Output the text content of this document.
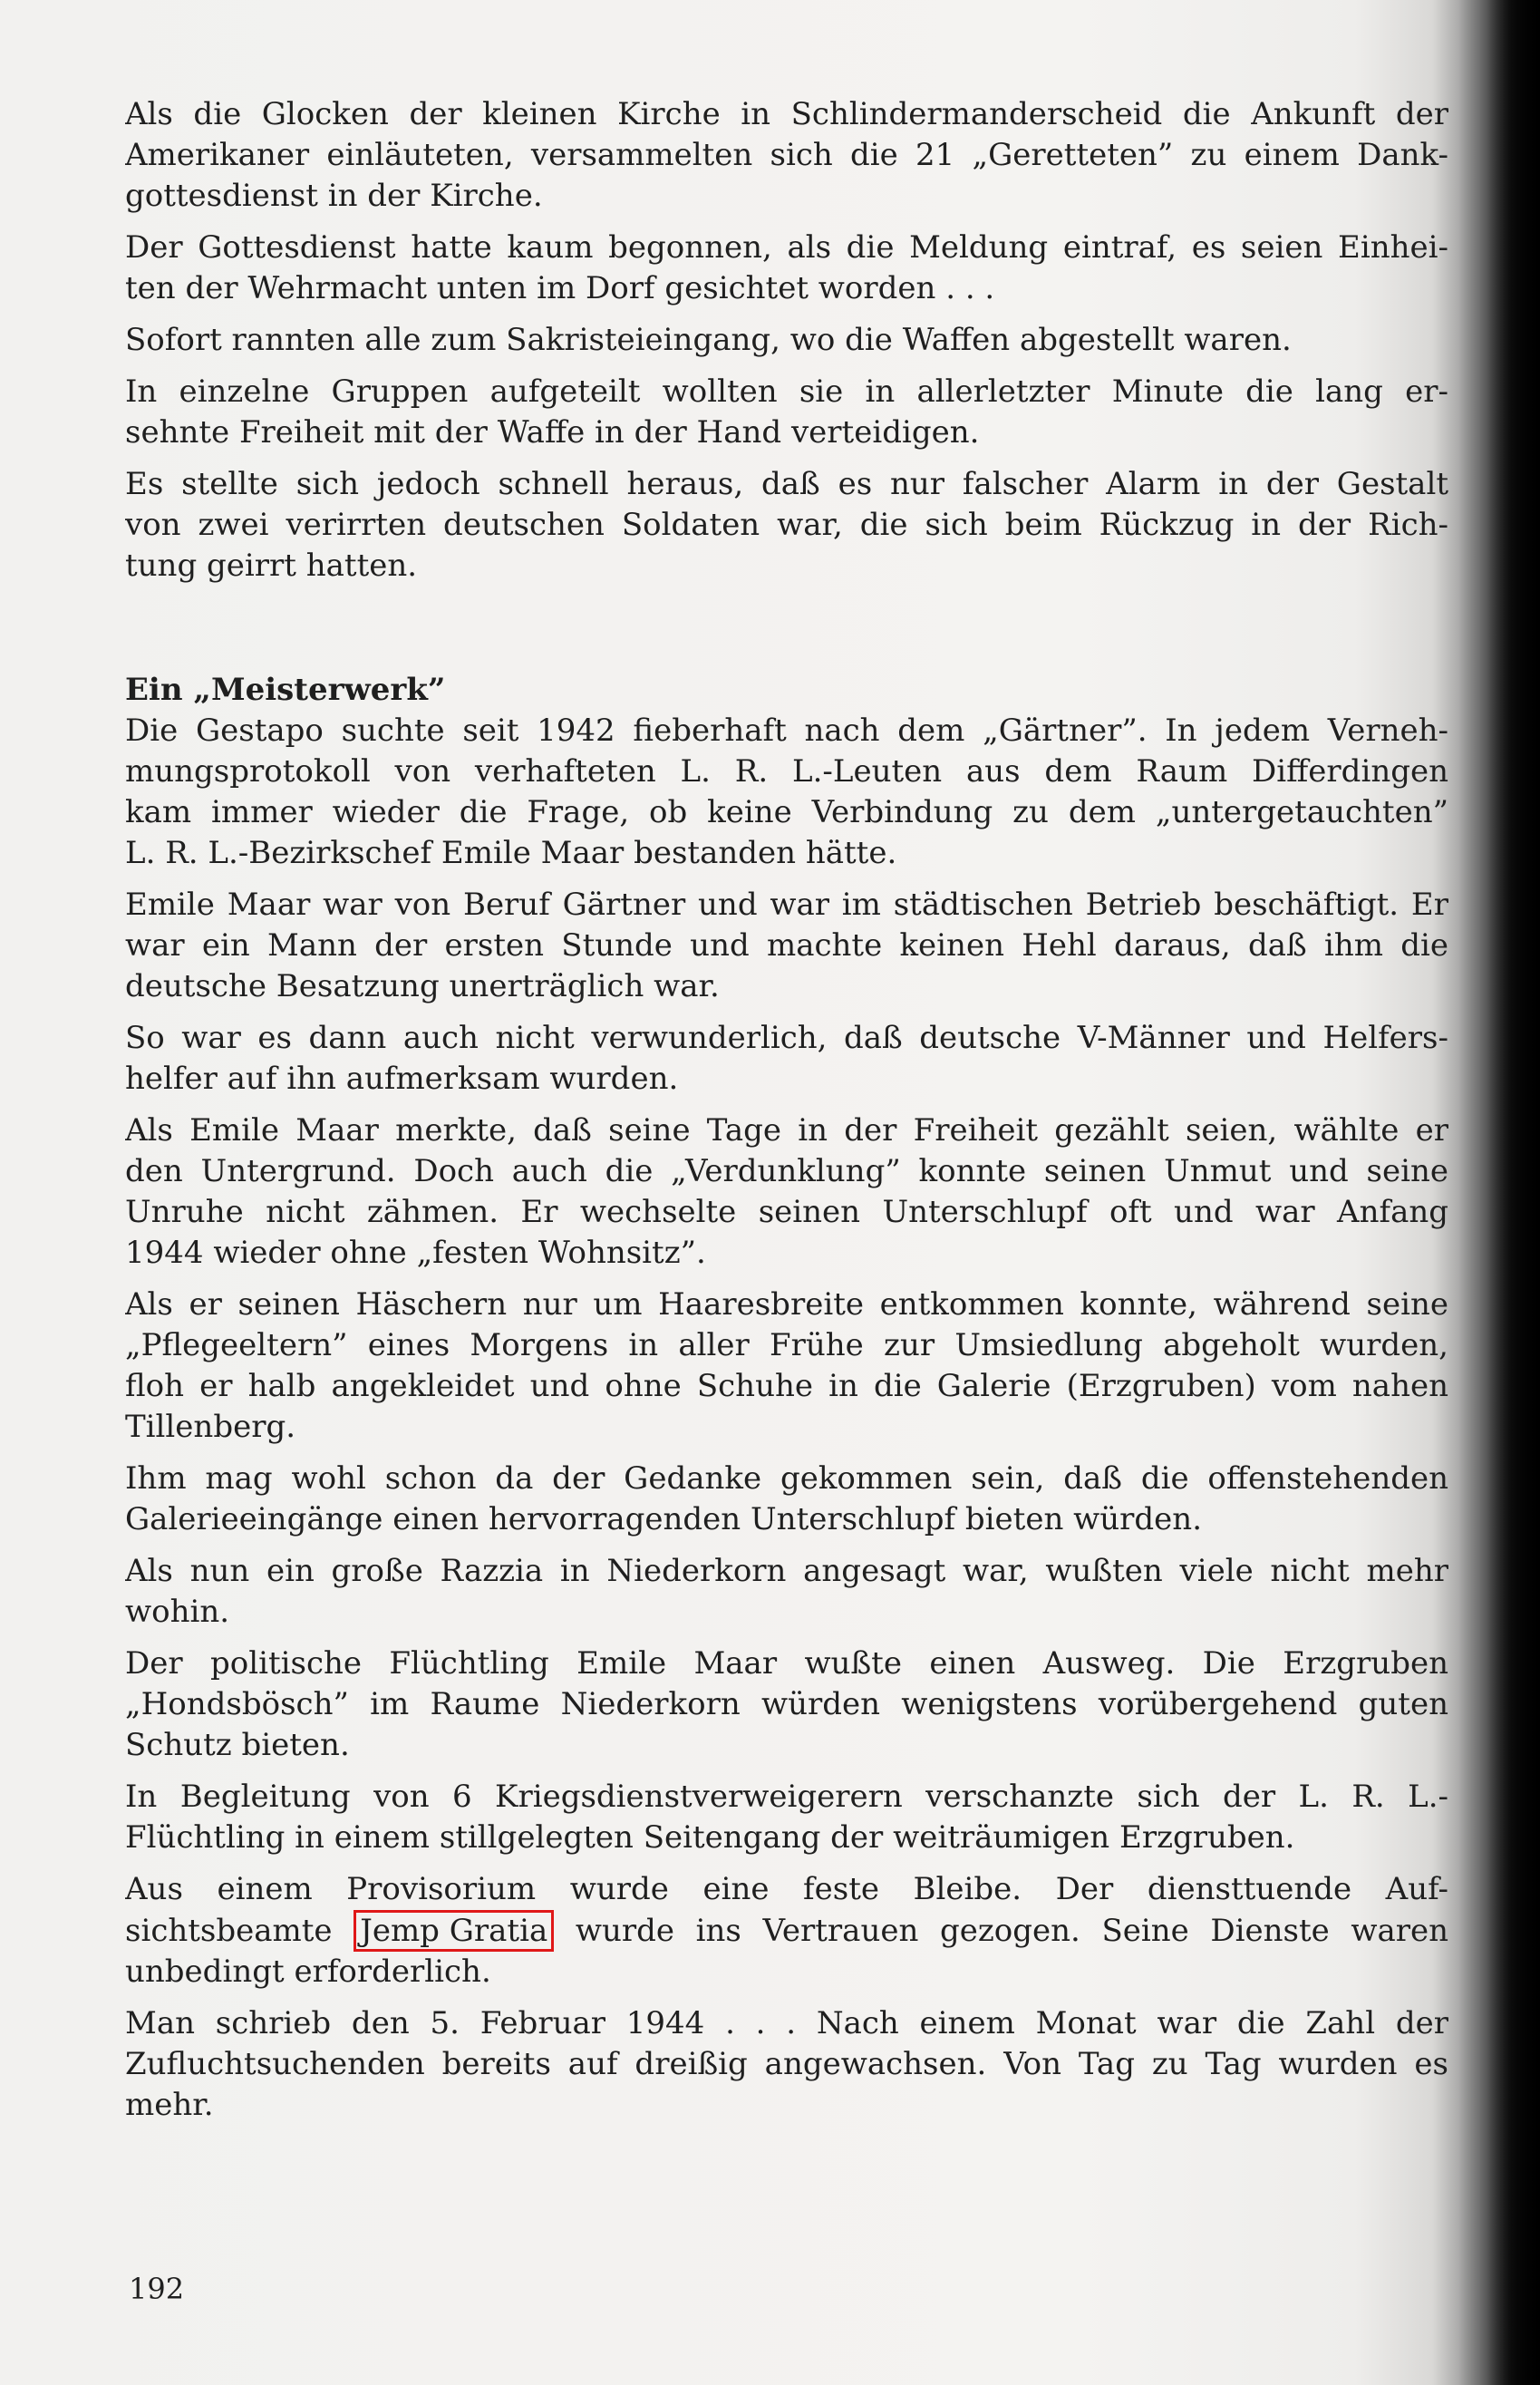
Als die Glocken der kleinen Kirche in Schlindermanderscheid die Ankunft der
Amerikaner einläuteten, versammelten sich die 21 „Geretteten” zu einem Dank-
gottesdienst in der Kirche.
Der Gottesdienst hatte kaum begonnen, als die Meldung eintraf, es seien Einhei-
ten der Wehrmacht unten im Dorf gesichtet worden . . .
Sofort rannten alle zum Sakristeieingang, wo die Waffen abgestellt waren.
In einzelne Gruppen aufgeteilt wollten sie in allerletzter Minute die lang er-
sehnte Freiheit mit der Waffe in der Hand verteidigen.
Es stellte sich jedoch schnell heraus, daß es nur falscher Alarm in der Gestalt
von zwei verirrten deutschen Soldaten war, die sich beim Rückzug in der Rich-
tung geirrt hatten.
Ein „Meisterwerk”
Die Gestapo suchte seit 1942 fieberhaft nach dem „Gärtner”. In jedem Verneh-
mungsprotokoll von verhafteten L. R. L.-Leuten aus dem Raum Differdingen
kam immer wieder die Frage, ob keine Verbindung zu dem „untergetauchten”
L. R. L.-Bezirkschef Emile Maar bestanden hätte.
Emile Maar war von Beruf Gärtner und war im städtischen Betrieb beschäftigt. Er
war ein Mann der ersten Stunde und machte keinen Hehl daraus, daß ihm die
deutsche Besatzung unerträglich war.
So war es dann auch nicht verwunderlich, daß deutsche V-Männer und Helfers-
helfer auf ihn aufmerksam wurden.
Als Emile Maar merkte, daß seine Tage in der Freiheit gezählt seien, wählte er
den Untergrund. Doch auch die „Verdunklung” konnte seinen Unmut und seine
Unruhe nicht zähmen. Er wechselte seinen Unterschlupf oft und war Anfang
1944 wieder ohne „festen Wohnsitz”.
Als er seinen Häschern nur um Haaresbreite entkommen konnte, während seine
„Pflegeeltern” eines Morgens in aller Frühe zur Umsiedlung abgeholt wurden,
floh er halb angekleidet und ohne Schuhe in die Galerie (Erzgruben) vom nahen
Tillenberg.
Ihm mag wohl schon da der Gedanke gekommen sein, daß die offenstehenden
Galerieeingänge einen hervorragenden Unterschlupf bieten würden.
Als nun ein große Razzia in Niederkorn angesagt war, wußten viele nicht mehr
wohin.
Der politische Flüchtling Emile Maar wußte einen Ausweg. Die Erzgruben
„Hondsbösch” im Raume Niederkorn würden wenigstens vorübergehend guten
Schutz bieten.
In Begleitung von 6 Kriegsdienstverweigerern verschanzte sich der L. R. L.-
Flüchtling in einem stillgelegten Seitengang der weiträumigen Erzgruben.
Aus einem Provisorium wurde eine feste Bleibe. Der diensttuende Auf-
sichtsbeamte Jemp Gratia wurde ins Vertrauen gezogen. Seine Dienste waren
unbedingt erforderlich.
Man schrieb den 5. Februar 1944 . . . Nach einem Monat war die Zahl der
Zufluchtsuchenden bereits auf dreißig angewachsen. Von Tag zu Tag wurden es
mehr.
192
